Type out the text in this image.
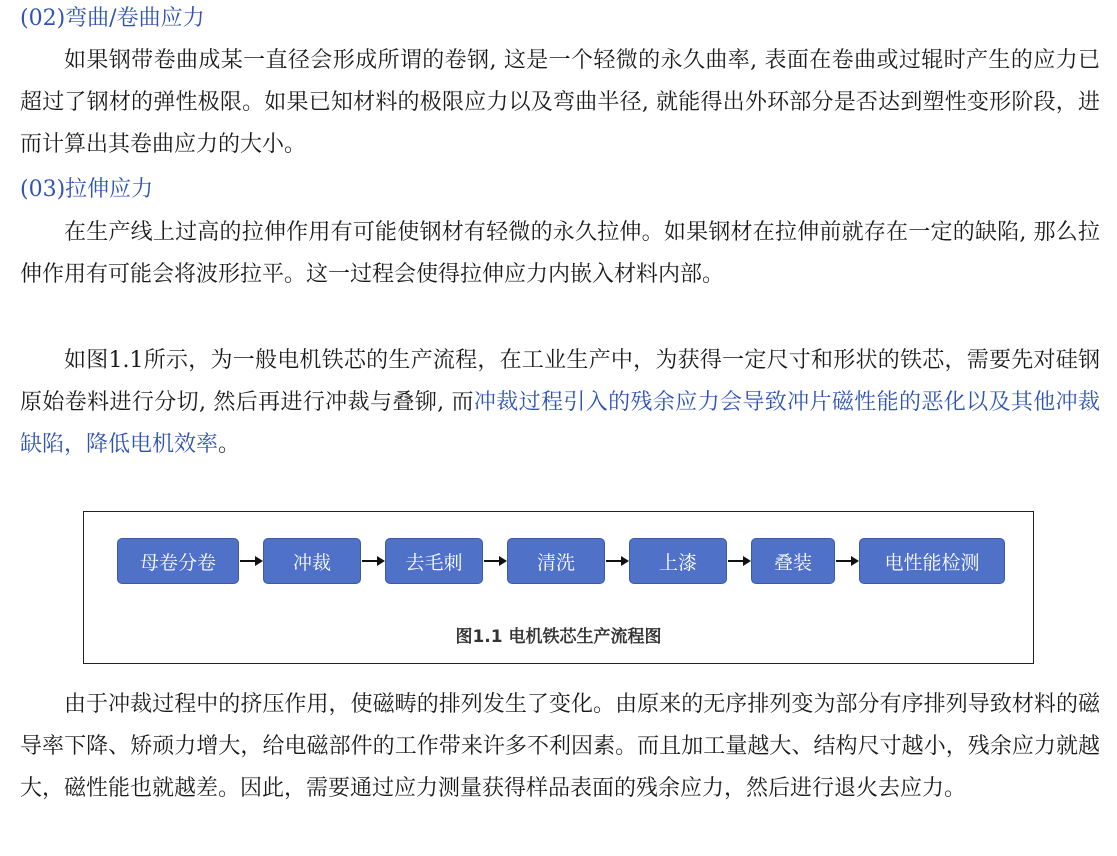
(02)弯曲/卷曲应力
如果钢带卷曲成某一直径会形成所谓的卷钢, 这是一个轻微的永久曲率, 表面在卷曲或过辊时产生的应力已超过了钢材的弹性极限。如果已知材料的极限应力以及弯曲半径, 就能得出外环部分是否达到塑性变形阶段，进而计算出其卷曲应力的大小。
(03)拉伸应力
在生产线上过高的拉伸作用有可能使钢材有轻微的永久拉伸。如果钢材在拉伸前就存在一定的缺陷, 那么拉伸作用有可能会将波形拉平。这一过程会使得拉伸应力内嵌入材料内部。
如图1.1所示，为一般电机铁芯的生产流程，在工业生产中，为获得一定尺寸和形状的铁芯，需要先对硅钢原始卷料进行分切, 然后再进行冲裁与叠铆, 而冲裁过程引入的残余应力会导致冲片磁性能的恶化以及其他冲裁缺陷，降低电机效率。
母卷分卷	冲裁	去毛刺	清洗	上漆	叠装	电性能检测
图1.1 电机铁芯生产流程图
由于冲裁过程中的挤压作用，使磁畴的排列发生了变化。由原来的无序排列变为部分有序排列导致材料的磁导率下降、矫顽力增大，给电磁部件的工作带来许多不利因素。而且加工量越大、结构尺寸越小，残余应力就越大，磁性能也就越差。因此，需要通过应力测量获得样品表面的残余应力，然后进行退火去应力。
